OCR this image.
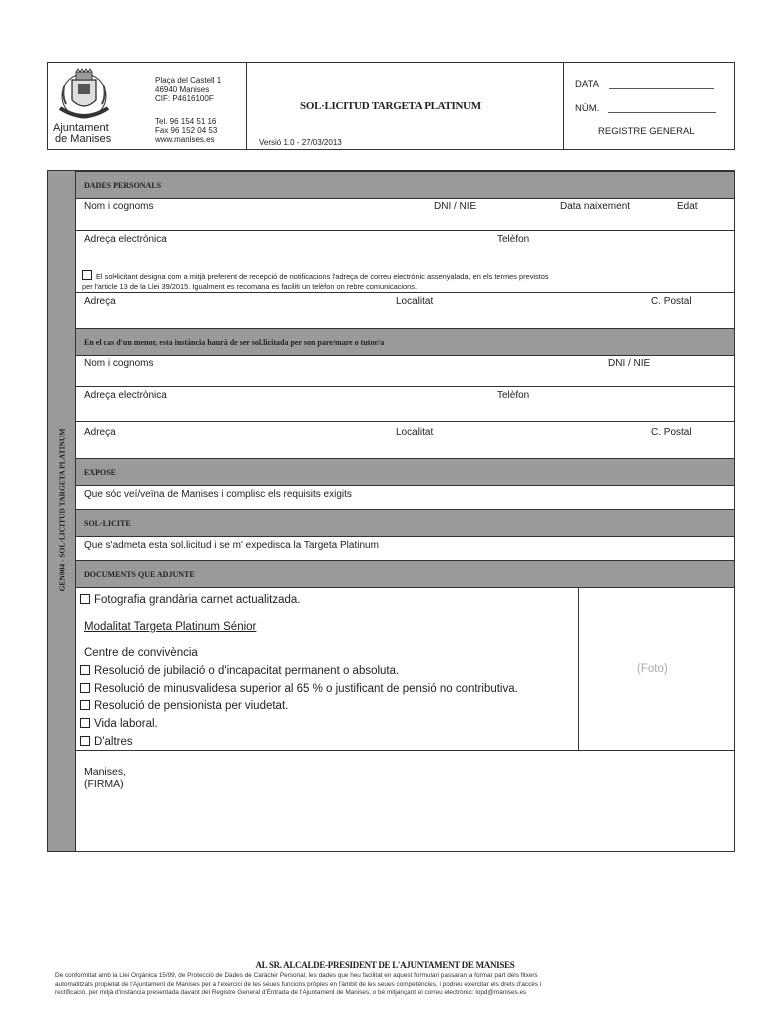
Ajuntament
de Manises
Plaça del Castell 1
46940 Manises
CIF: P4616100F
Tel. 96 154 51 16
Fax 96 152 04 53
www.manises.es
SOL·LICITUD TARGETA PLATINUM
Versió 1.0 - 27/03/2013
DATA
NÚM.
REGISTRE GENERAL
GEN004 - SOL·LICITUD TARGETA PLATINUM
DADES PERSONALS
Nom i cognoms	DNI / NIE	Data naixement	Edat
Adreça electrònica	Telèfon
El sol•licitant designa com a mitjà preferent de recepció de notificacions l'adreça de correu electrònic assenyalada, en els termes previstos
per l'article 13 de la Llei 39/2015. Igualment es recomana es faciliti un telèfon on rebre comunicacions.
Adreça	Localitat	C. Postal
En el cas d'un menor, esta instància haurà de ser sol.licitada per son pare/mare o tutor/a
Nom i cognoms	DNI / NIE
Adreça electrònica	Telèfon
Adreça	Localitat	C. Postal
EXPOSE
Que sóc veí/veïna de Manises i complisc els requisits exigits
SOL·LICITE
Que s'admeta esta sol.licitud i se m' expedisca la Targeta Platinum
DOCUMENTS QUE ADJUNTE
Fotografia grandària carnet actualitzada.
Modalitat Targeta Platinum Sénior
Centre de convivència
Resolució de jubilació o d'incapacitat permanent o absoluta.
Resolució de minusvalidesa superior al 65 % o justificant de pensió no contributiva.
Resolució de pensionista per viudetat.
Vida laboral.
D'altres
(Foto)
Manises,
(FIRMA)
AL SR. ALCALDE-PRESIDENT DE L'AJUNTAMENT DE MANISES
De conformitat amb la Llei Orgànica 15/99, de Protecció de Dades de Caràcter Personal, les dades que heu facilitat en aquest formulari passaran a formar part dels fitxers
automatitzats propietat de l'Ajuntament de Manises per a l'exercici de les seues funcions pròpies en l'àmbit de les seues competències, i podreu exercitar els drets d'accés i
rectificació, per mitjà d'instància presentada davant del Registre General d'Entrada de l'Ajuntament de Manises, o bé mitjançant el correu electrònic: lopd@manises.es
